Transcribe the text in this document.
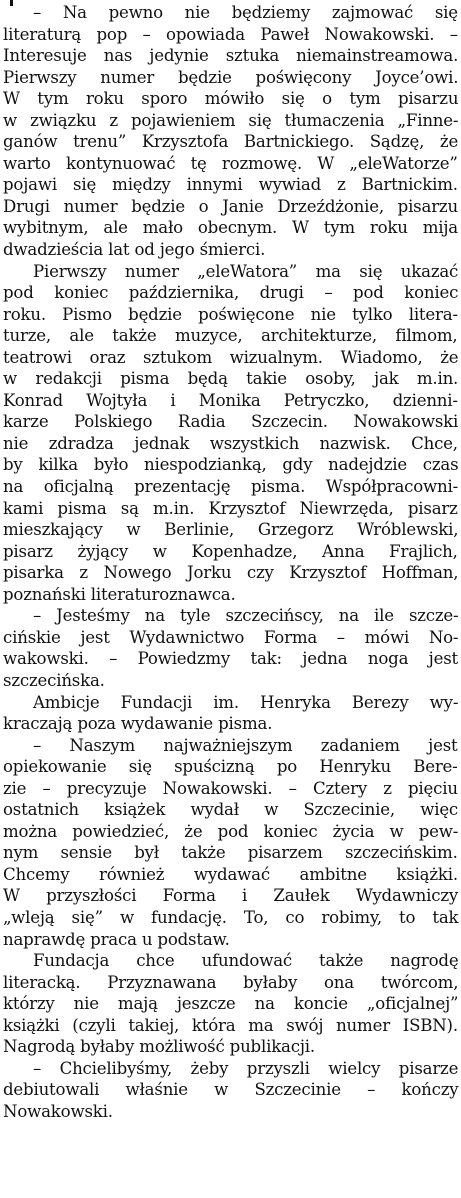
– Na pewno nie będziemy zajmować się
literaturą pop – opowiada Paweł Nowakowski. –
Interesuje nas jedynie sztuka niemainstreamowa.
Pierwszy numer będzie poświęcony Joyce’owi.
W tym roku sporo mówiło się o tym pisarzu
w związku z pojawieniem się tłumaczenia „Finne-
ganów trenu” Krzysztofa Bartnickiego. Sądzę, że
warto kontynuować tę rozmowę. W „eleWatorze”
pojawi się między innymi wywiad z Bartnickim.
Drugi numer będzie o Janie Drzeźdżonie, pisarzu
wybitnym, ale mało obecnym. W tym roku mija
dwadzieścia lat od jego śmierci.
Pierwszy numer „eleWatora” ma się ukazać
pod koniec października, drugi – pod koniec
roku. Pismo będzie poświęcone nie tylko litera-
turze, ale także muzyce, architekturze, filmom,
teatrowi oraz sztukom wizualnym. Wiadomo, że
w redakcji pisma będą takie osoby, jak m.in.
Konrad Wojtyła i Monika Petryczko, dzienni-
karze Polskiego Radia Szczecin. Nowakowski
nie zdradza jednak wszystkich nazwisk. Chce,
by kilka było niespodzianką, gdy nadejdzie czas
na oficjalną prezentację pisma. Współpracowni-
kami pisma są m.in. Krzysztof Niewrzęda, pisarz
mieszkający w Berlinie, Grzegorz Wróblewski,
pisarz żyjący w Kopenhadze, Anna Frajlich,
pisarka z Nowego Jorku czy Krzysztof Hoffman,
poznański literaturoznawca.
– Jesteśmy na tyle szczecińscy, na ile szcze-
cińskie jest Wydawnictwo Forma – mówi No-
wakowski. – Powiedzmy tak: jedna noga jest
szczecińska.
Ambicje Fundacji im. Henryka Berezy wy-
kraczają poza wydawanie pisma.
– Naszym najważniejszym zadaniem jest
opiekowanie się spuścizną po Henryku Bere-
zie – precyzuje Nowakowski. – Cztery z pięciu
ostatnich książek wydał w Szczecinie, więc
można powiedzieć, że pod koniec życia w pew-
nym sensie był także pisarzem szczecińskim.
Chcemy również wydawać ambitne książki.
W przyszłości Forma i Zaułek Wydawniczy
„wleją się” w fundację. To, co robimy, to tak
naprawdę praca u podstaw.
Fundacja chce ufundować także nagrodę
literacką. Przyznawana byłaby ona twórcom,
którzy nie mają jeszcze na koncie „oficjalnej”
książki (czyli takiej, która ma swój numer ISBN).
Nagrodą byłaby możliwość publikacji.
– Chcielibyśmy, żeby przyszli wielcy pisarze
debiutowali właśnie w Szczecinie – kończy
Nowakowski.
